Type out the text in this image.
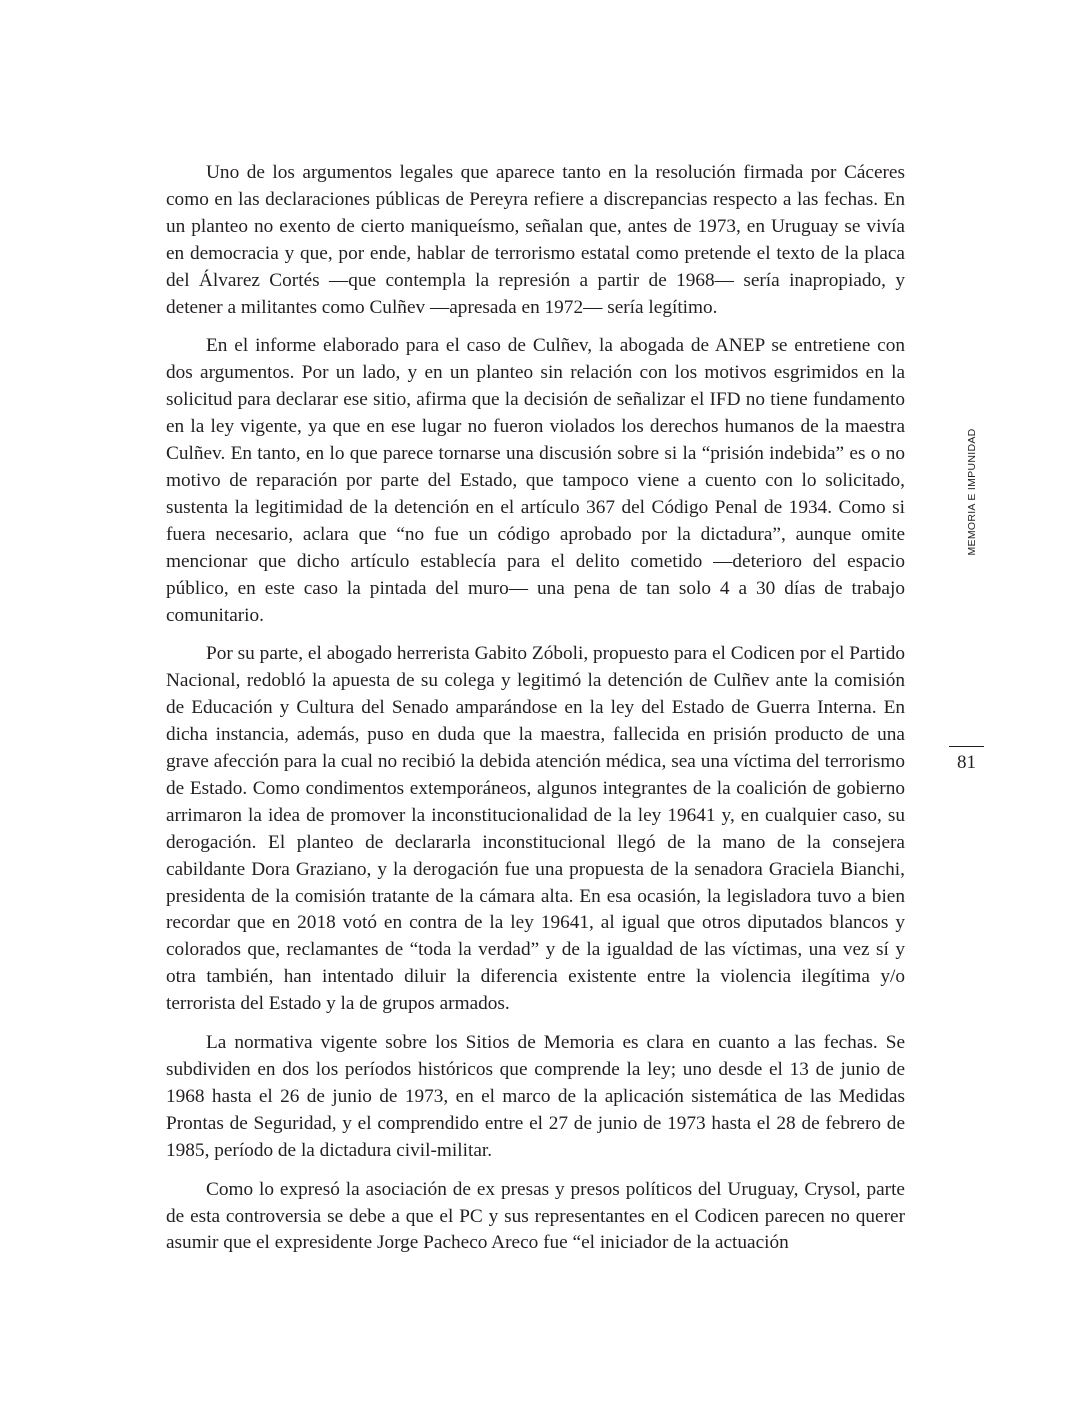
Uno de los argumentos legales que aparece tanto en la resolución firmada por Cáceres como en las declaraciones públicas de Pereyra refiere a discrepancias respecto a las fechas. En un planteo no exento de cierto maniqueísmo, señalan que, antes de 1973, en Uruguay se vivía en democracia y que, por ende, hablar de terrorismo estatal como pretende el texto de la placa del Álvarez Cortés —que contempla la represión a partir de 1968— sería inapropiado, y detener a militantes como Culñev —apresada en 1972— sería legítimo.

En el informe elaborado para el caso de Culñev, la abogada de ANEP se entretiene con dos argumentos. Por un lado, y en un planteo sin relación con los motivos esgrimidos en la solicitud para declarar ese sitio, afirma que la decisión de señalizar el IFD no tiene fundamento en la ley vigente, ya que en ese lugar no fueron violados los derechos humanos de la maestra Culñev. En tanto, en lo que parece tornarse una discusión sobre si la “prisión indebida” es o no motivo de reparación por parte del Estado, que tampoco viene a cuento con lo solicitado, sustenta la legitimidad de la detención en el artículo 367 del Código Penal de 1934. Como si fuera necesario, aclara que “no fue un código aprobado por la dictadura”, aunque omite mencionar que dicho artículo establecía para el delito cometido —deterioro del espacio público, en este caso la pintada del muro— una pena de tan solo 4 a 30 días de trabajo comunitario.

Por su parte, el abogado herrerista Gabito Zóboli, propuesto para el Codicen por el Partido Nacional, redobló la apuesta de su colega y legitimó la detención de Culñev ante la comisión de Educación y Cultura del Senado amparándose en la ley del Estado de Guerra Interna. En dicha instancia, además, puso en duda que la maestra, fallecida en prisión producto de una grave afección para la cual no recibió la debida atención médica, sea una víctima del terrorismo de Estado. Como condimentos extemporáneos, algunos integrantes de la coalición de gobierno arrimaron la idea de promover la inconstitucionalidad de la ley 19641 y, en cualquier caso, su derogación. El planteo de declararla inconstitucional llegó de la mano de la consejera cabildante Dora Graziano, y la derogación fue una propuesta de la senadora Graciela Bianchi, presidenta de la comisión tratante de la cámara alta. En esa ocasión, la legisladora tuvo a bien recordar que en 2018 votó en contra de la ley 19641, al igual que otros diputados blancos y colorados que, reclamantes de “toda la verdad” y de la igualdad de las víctimas, una vez sí y otra también, han intentado diluir la diferencia existente entre la violencia ilegítima y/o terrorista del Estado y la de grupos armados.

La normativa vigente sobre los Sitios de Memoria es clara en cuanto a las fechas. Se subdividen en dos los períodos históricos que comprende la ley; uno desde el 13 de junio de 1968 hasta el 26 de junio de 1973, en el marco de la aplicación sistemática de las Medidas Prontas de Seguridad, y el comprendido entre el 27 de junio de 1973 hasta el 28 de febrero de 1985, período de la dictadura civil-militar.

Como lo expresó la asociación de ex presas y presos políticos del Uruguay, Crysol, parte de esta controversia se debe a que el PC y sus representantes en el Codicen parecen no querer asumir que el expresidente Jorge Pacheco Areco fue “el iniciador de la actuación

MEMORIA E IMPUNIDAD
81
